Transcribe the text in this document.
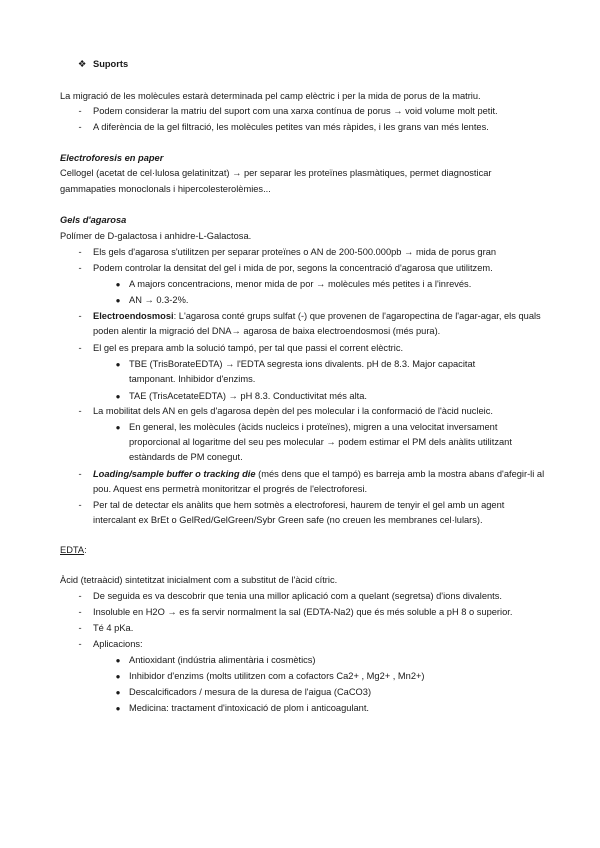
❖ Suports
La migració de les molècules estarà determinada pel camp elèctric i per la mida de porus de la matriu.
-	Podem considerar la matriu del suport com una xarxa contínua de porus → void volume molt petit.
-	A diferència de la gel filtració, les molècules petites van més ràpides, i les grans van més lentes.
Electroforesis en paper
Cellogel (acetat de cel·lulosa gelatinitzat) → per separar les proteïnes plasmàtiques, permet diagnosticar
gammapaties monoclonals i hipercolesterolèmies...
Gels d'agarosa
Polímer de D-galactosa i anhidre-L-Galactosa.
-	Els gels d'agarosa s'utilitzen per separar proteïnes o AN de 200-500.000pb → mida de porus gran
-	Podem controlar la densitat del gel i mida de por, segons la concentració d'agarosa que utilitzem.
● A majors concentracions, menor mida de por → molècules més petites i a l'inrevés.
● AN → 0.3-2%.
-	Electroendosmosi: L'agarosa conté grups sulfat (-) que provenen de l'agaropectina de l'agar-agar, els quals poden alentir la migració del DNA→ agarosa de baixa electroendosmosi (més pura).
-	El gel es prepara amb la solució tampó, per tal que passi el corrent elèctric.
● TBE (TrisBorateEDTA) → l'EDTA segresta ions divalents. pH de 8.3. Major capacitat tamponant. Inhibidor d'enzims.
● TAE (TrisAcetateEDTA) → pH 8.3. Conductivitat més alta.
-	La mobilitat dels AN en gels d'agarosa depèn del pes molecular i la conformació de l'àcid nucleic.
● En general, les molècules (àcids nucleics i proteïnes), migren a una velocitat inversament proporcional al logaritme del seu pes molecular → podem estimar el PM dels anàlits utilitzant estàndards de PM conegut.
-	Loading/sample buffer o tracking die (més dens que el tampó) es barreja amb la mostra abans d'afegir-li al pou. Aquest ens permetrà monitoritzar el progrés de l'electroforesi.
-	Per tal de detectar els anàlits que hem sotmès a electroforesi, haurem de tenyir el gel amb un agent intercalant ex BrEt o GelRed/GelGreen/Sybr Green safe (no creuen les membranes cel·lulars).
EDTA:
Àcid (tetraàcid) sintetitzat inicialment com a substitut de l'àcid cítric.
-	De seguida es va descobrir que tenia una millor aplicació com a quelant (segretsa) d'ions divalents.
-	Insoluble en H2O → es fa servir normalment la sal (EDTA-Na2) que és més soluble a pH 8 o superior.
-	Té 4 pKa.
-	Aplicacions:
● Antioxidant (indústria alimentària i cosmètics)
● Inhibidor d'enzims (molts utilitzen com a cofactors Ca2+ , Mg2+ , Mn2+)
● Descalcificadors / mesura de la duresa de l'aigua (CaCO3)
● Medicina: tractament d'intoxicació de plom i anticoagulant.
